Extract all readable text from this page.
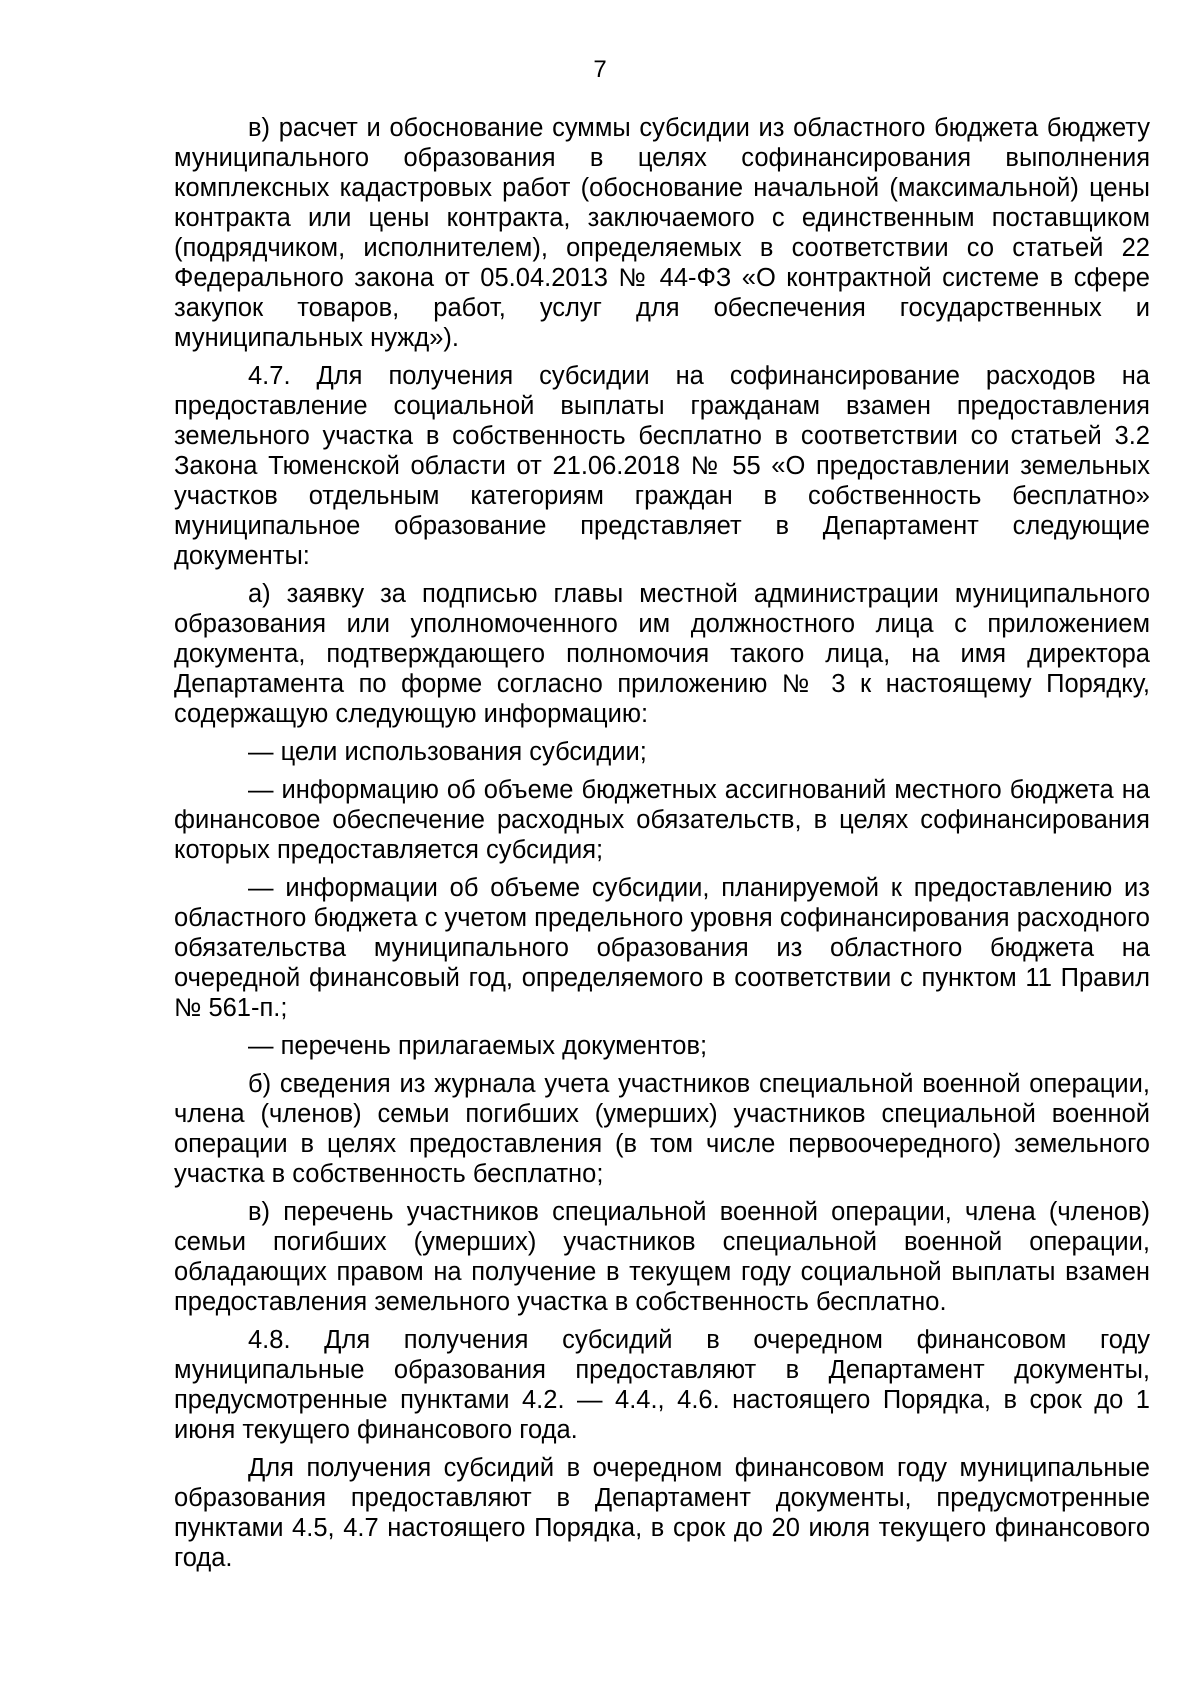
7

в) расчет и обоснование суммы субсидии из областного бюджета бюджету муниципального образования в целях софинансирования выполнения комплексных кадастровых работ (обоснование начальной (максимальной) цены контракта или цены контракта, заключаемого с единственным поставщиком (подрядчиком, исполнителем), определяемых в соответствии со статьей 22 Федерального закона от 05.04.2013 № 44-ФЗ «О контрактной системе в сфере закупок товаров, работ, услуг для обеспечения государственных и муниципальных нужд»).

4.7. Для получения субсидии на софинансирование расходов на предоставление социальной выплаты гражданам взамен предоставления земельного участка в собственность бесплатно в соответствии со статьей 3.2 Закона Тюменской области от 21.06.2018 № 55 «О предоставлении земельных участков отдельным категориям граждан в собственность бесплатно» муниципальное образование представляет в Департамент следующие документы:

а) заявку за подписью главы местной администрации муниципального образования или уполномоченного им должностного лица с приложением документа, подтверждающего полномочия такого лица, на имя директора Департамента по форме согласно приложению № 3 к настоящему Порядку, содержащую следующую информацию:

— цели использования субсидии;

— информацию об объеме бюджетных ассигнований местного бюджета на финансовое обеспечение расходных обязательств, в целях софинансирования которых предоставляется субсидия;

— информации об объеме субсидии, планируемой к предоставлению из областного бюджета с учетом предельного уровня софинансирования расходного обязательства муниципального образования из областного бюджета на очередной финансовый год, определяемого в соответствии с пунктом 11 Правил № 561-п.;

— перечень прилагаемых документов;

б) сведения из журнала учета участников специальной военной операции, члена (членов) семьи погибших (умерших) участников специальной военной операции в целях предоставления (в том числе первоочередного) земельного участка в собственность бесплатно;

в) перечень участников специальной военной операции, члена (членов) семьи погибших (умерших) участников специальной военной операции, обладающих правом на получение в текущем году социальной выплаты взамен предоставления земельного участка в собственность бесплатно.

4.8. Для получения субсидий в очередном финансовом году муниципальные образования предоставляют в Департамент документы, предусмотренные пунктами 4.2. — 4.4., 4.6. настоящего Порядка, в срок до 1 июня текущего финансового года.

Для получения субсидий в очередном финансовом году муниципальные образования предоставляют в Департамент документы, предусмотренные пунктами 4.5, 4.7 настоящего Порядка, в срок до 20 июля текущего финансового года.
